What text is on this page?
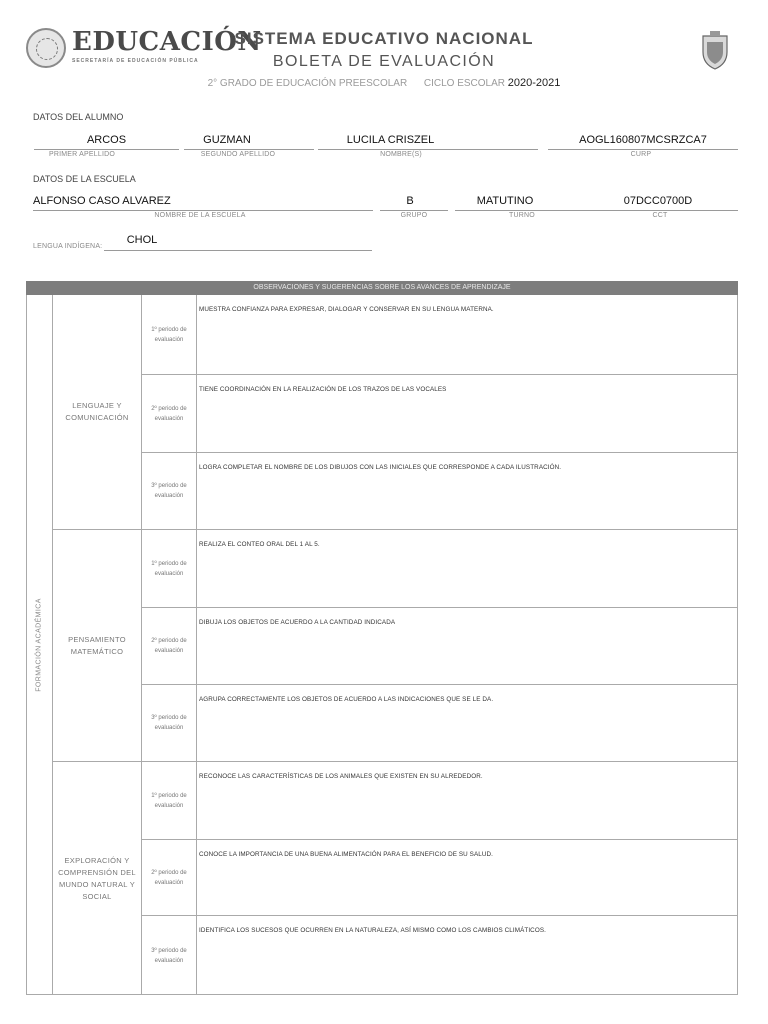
EDUCACIÓN
SECRETARÍA DE EDUCACIÓN PÚBLICA
SISTEMA EDUCATIVO NACIONAL
BOLETA DE EVALUACIÓN
2° GRADO DE EDUCACIÓN PREESCOLAR CICLO ESCOLAR 2020-2021
DATOS DEL ALUMNO
ARCOS
PRIMER APELLIDO
GUZMAN
SEGUNDO APELLIDO
LUCILA CRISZEL
NOMBRE(S)
AOGL160807MCSRZCA7
CURP
DATOS DE LA ESCUELA
ALFONSO CASO ALVAREZ
NOMBRE DE LA ESCUELA
B
GRUPO
MATUTINO
TURNO
07DCC0700D
CCT
LENGUA INDÍGENA:
CHOL
OBSERVACIONES Y SUGERENCIAS SOBRE LOS AVANCES DE APRENDIZAJE
FORMACIÓN ACADÉMICA
LENGUAJE Y COMUNICACIÓN
1º periodo de evaluación
MUESTRA CONFIANZA PARA EXPRESAR, DIALOGAR Y CONSERVAR EN SU LENGUA MATERNA.
2º periodo de evaluación
TIENE COORDINACIÓN EN LA REALIZACIÓN DE LOS TRAZOS DE LAS VOCALES
3º periodo de evaluación
LOGRA COMPLETAR EL NOMBRE DE LOS DIBUJOS CON LAS INICIALES QUE CORRESPONDE A CADA ILUSTRACIÓN.
PENSAMIENTO MATEMÁTICO
1º periodo de evaluación
REALIZA EL CONTEO ORAL DEL 1 AL 5.
2º periodo de evaluación
DIBUJA LOS OBJETOS DE ACUERDO A LA CANTIDAD INDICADA
3º periodo de evaluación
AGRUPA CORRECTAMENTE LOS OBJETOS DE ACUERDO A LAS INDICACIONES QUE SE LE DA.
EXPLORACIÓN Y COMPRENSIÓN DEL MUNDO NATURAL Y SOCIAL
1º periodo de evaluación
RECONOCE LAS CARACTERÍSTICAS DE LOS ANIMALES QUE EXISTEN EN SU ALREDEDOR.
2º periodo de evaluación
CONOCE LA IMPORTANCIA DE UNA BUENA ALIMENTACIÓN PARA EL BENEFICIO DE SU SALUD.
3º periodo de evaluación
IDENTIFICA LOS SUCESOS QUE OCURREN EN LA NATURALEZA, ASÍ MISMO COMO LOS CAMBIOS CLIMÁTICOS.
